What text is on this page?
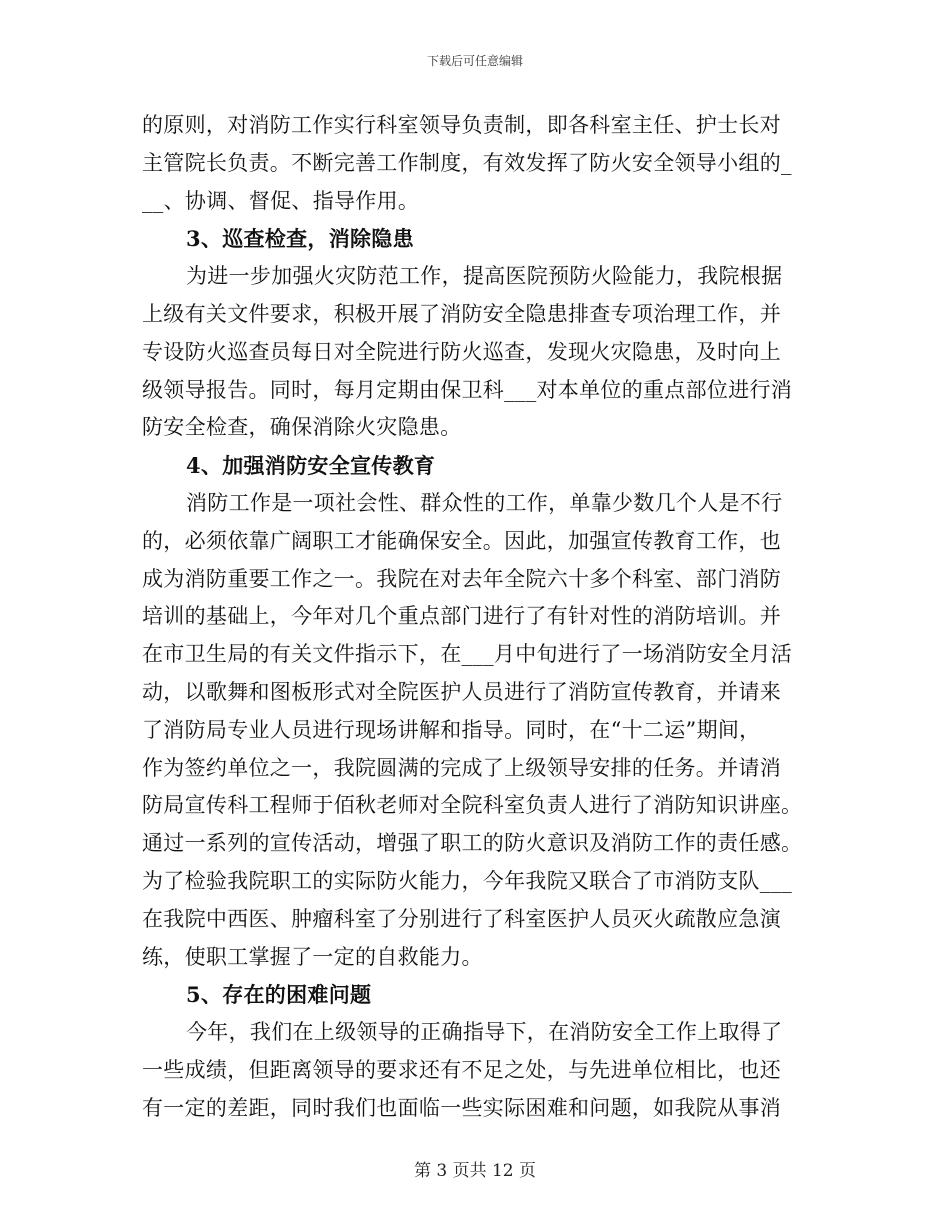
下载后可任意编辑
的原则，对消防工作实行科室领导负责制，即各科室主任、护士长对
主管院长负责。不断完善工作制度，有效发挥了防火安全领导小组的_
__、协调、督促、指导作用。
3、巡查检查，消除隐患
为进一步加强火灾防范工作，提高医院预防火险能力，我院根据
上级有关文件要求，积极开展了消防安全隐患排查专项治理工作，并
专设防火巡查员每日对全院进行防火巡查，发现火灾隐患，及时向上
级领导报告。同时，每月定期由保卫科___对本单位的重点部位进行消
防安全检查，确保消除火灾隐患。
4、加强消防安全宣传教育
消防工作是一项社会性、群众性的工作，单靠少数几个人是不行
的，必须依靠广阔职工才能确保安全。因此，加强宣传教育工作，也
成为消防重要工作之一。我院在对去年全院六十多个科室、部门消防
培训的基础上，今年对几个重点部门进行了有针对性的消防培训。并
在市卫生局的有关文件指示下，在___月中旬进行了一场消防安全月活
动，以歌舞和图板形式对全院医护人员进行了消防宣传教育，并请来
了消防局专业人员进行现场讲解和指导。同时，在“十二运”期间，
作为签约单位之一，我院圆满的完成了上级领导安排的任务。并请消
防局宣传科工程师于佰秋老师对全院科室负责人进行了消防知识讲座。
通过一系列的宣传活动，增强了职工的防火意识及消防工作的责任感。
为了检验我院职工的实际防火能力，今年我院又联合了市消防支队___
在我院中西医、肿瘤科室了分别进行了科室医护人员灭火疏散应急演
练，使职工掌握了一定的自救能力。
5、存在的困难问题
今年，我们在上级领导的正确指导下，在消防安全工作上取得了
一些成绩，但距离领导的要求还有不足之处，与先进单位相比，也还
有一定的差距，同时我们也面临一些实际困难和问题，如我院从事消
第 3 页共 12 页
